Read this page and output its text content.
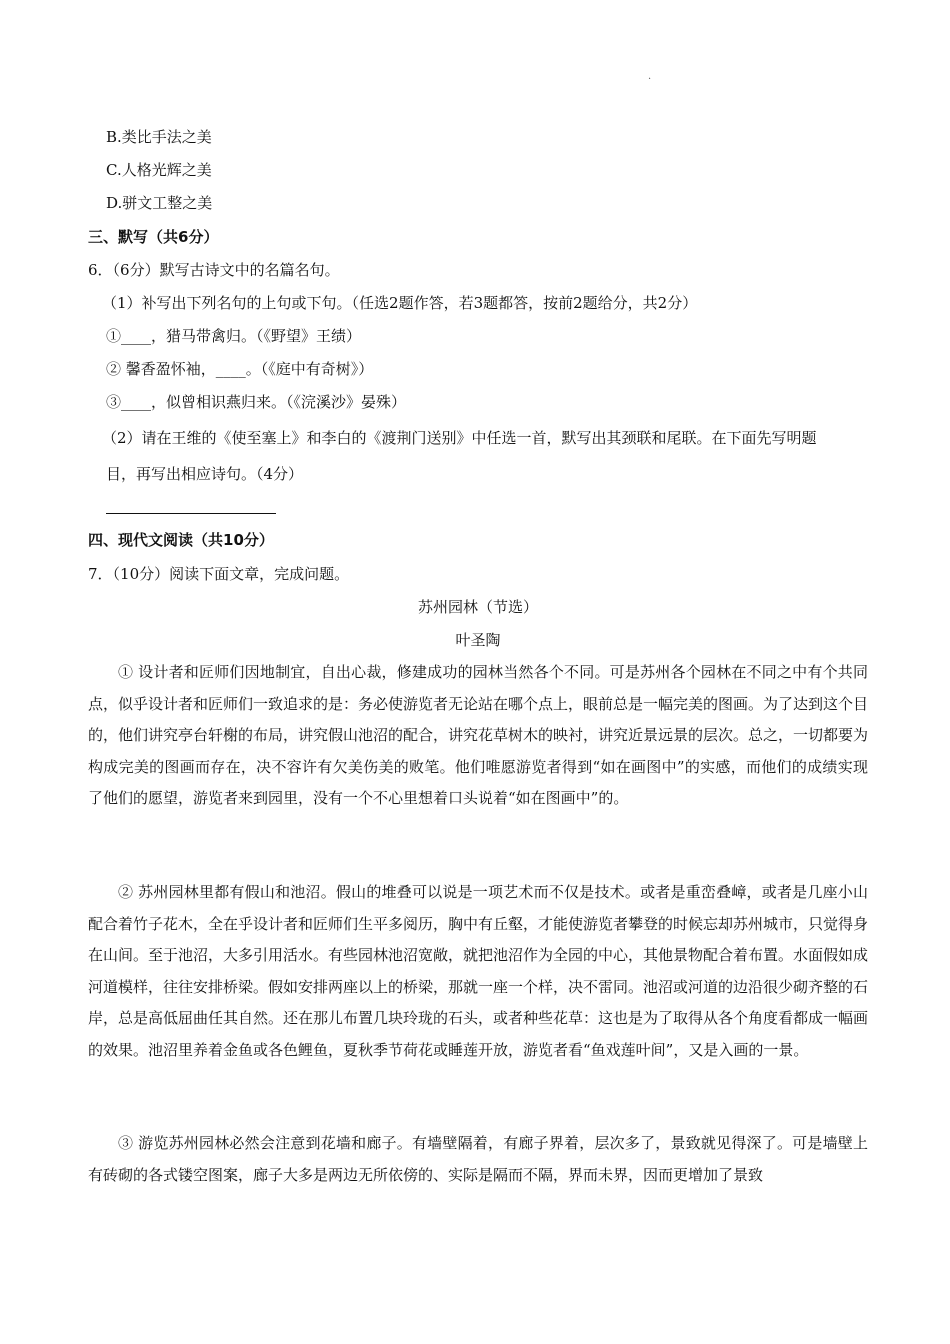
·
B.类比手法之美
C.人格光辉之美
D.骈文工整之美
三、默写（共6分）
6．（6分）默写古诗文中的名篇名句。
（1）补写出下列名句的上句或下句。（任选2题作答，若3题都答，按前2题给分，共2分）
①____，猎马带禽归。（《野望》王绩）
② 馨香盈怀袖，____。（《庭中有奇树》）
③____，似曾相识燕归来。（《浣溪沙》晏殊）
（2）请在王维的《使至塞上》和李白的《渡荆门送别》中任选一首，默写出其颈联和尾联。在下面先写明题
目，再写出相应诗句。（4分）
四、现代文阅读（共10分）
7．（10分）阅读下面文章，完成问题。
苏州园林（节选）
叶圣陶
① 设计者和匠师们因地制宜，自出心裁，修建成功的园林当然各个不同。可是苏州各个园林在不同之中有个共同点，似乎设计者和匠师们一致追求的是：务必使游览者无论站在哪个点上，眼前总是一幅完美的图画。为了达到这个目的，他们讲究亭台轩榭的布局，讲究假山池沼的配合，讲究花草树木的映衬，讲究近景远景的层次。总之，一切都要为构成完美的图画而存在，决不容许有欠美伤美的败笔。他们唯愿游览者得到“如在画图中”的实感，而他们的成绩实现了他们的愿望，游览者来到园里，没有一个不心里想着口头说着“如在图画中”的。
② 苏州园林里都有假山和池沼。假山的堆叠可以说是一项艺术而不仅是技术。或者是重峦叠嶂，或者是几座小山配合着竹子花木，全在乎设计者和匠师们生平多阅历，胸中有丘壑，才能使游览者攀登的时候忘却苏州城市，只觉得身在山间。至于池沼，大多引用活水。有些园林池沼宽敞，就把池沼作为全园的中心，其他景物配合着布置。水面假如成河道模样，往往安排桥梁。假如安排两座以上的桥梁，那就一座一个样，决不雷同。池沼或河道的边沿很少砌齐整的石岸，总是高低屈曲任其自然。还在那儿布置几块玲珑的石头，或者种些花草：这也是为了取得从各个角度看都成一幅画的效果。池沼里养着金鱼或各色鲤鱼，夏秋季节荷花或睡莲开放，游览者看“鱼戏莲叶间”，又是入画的一景。
③ 游览苏州园林必然会注意到花墙和廊子。有墙壁隔着，有廊子界着，层次多了，景致就见得深了。可是墙壁上有砖砌的各式镂空图案，廊子大多是两边无所依傍的、实际是隔而不隔，界而未界，因而更增加了景致
